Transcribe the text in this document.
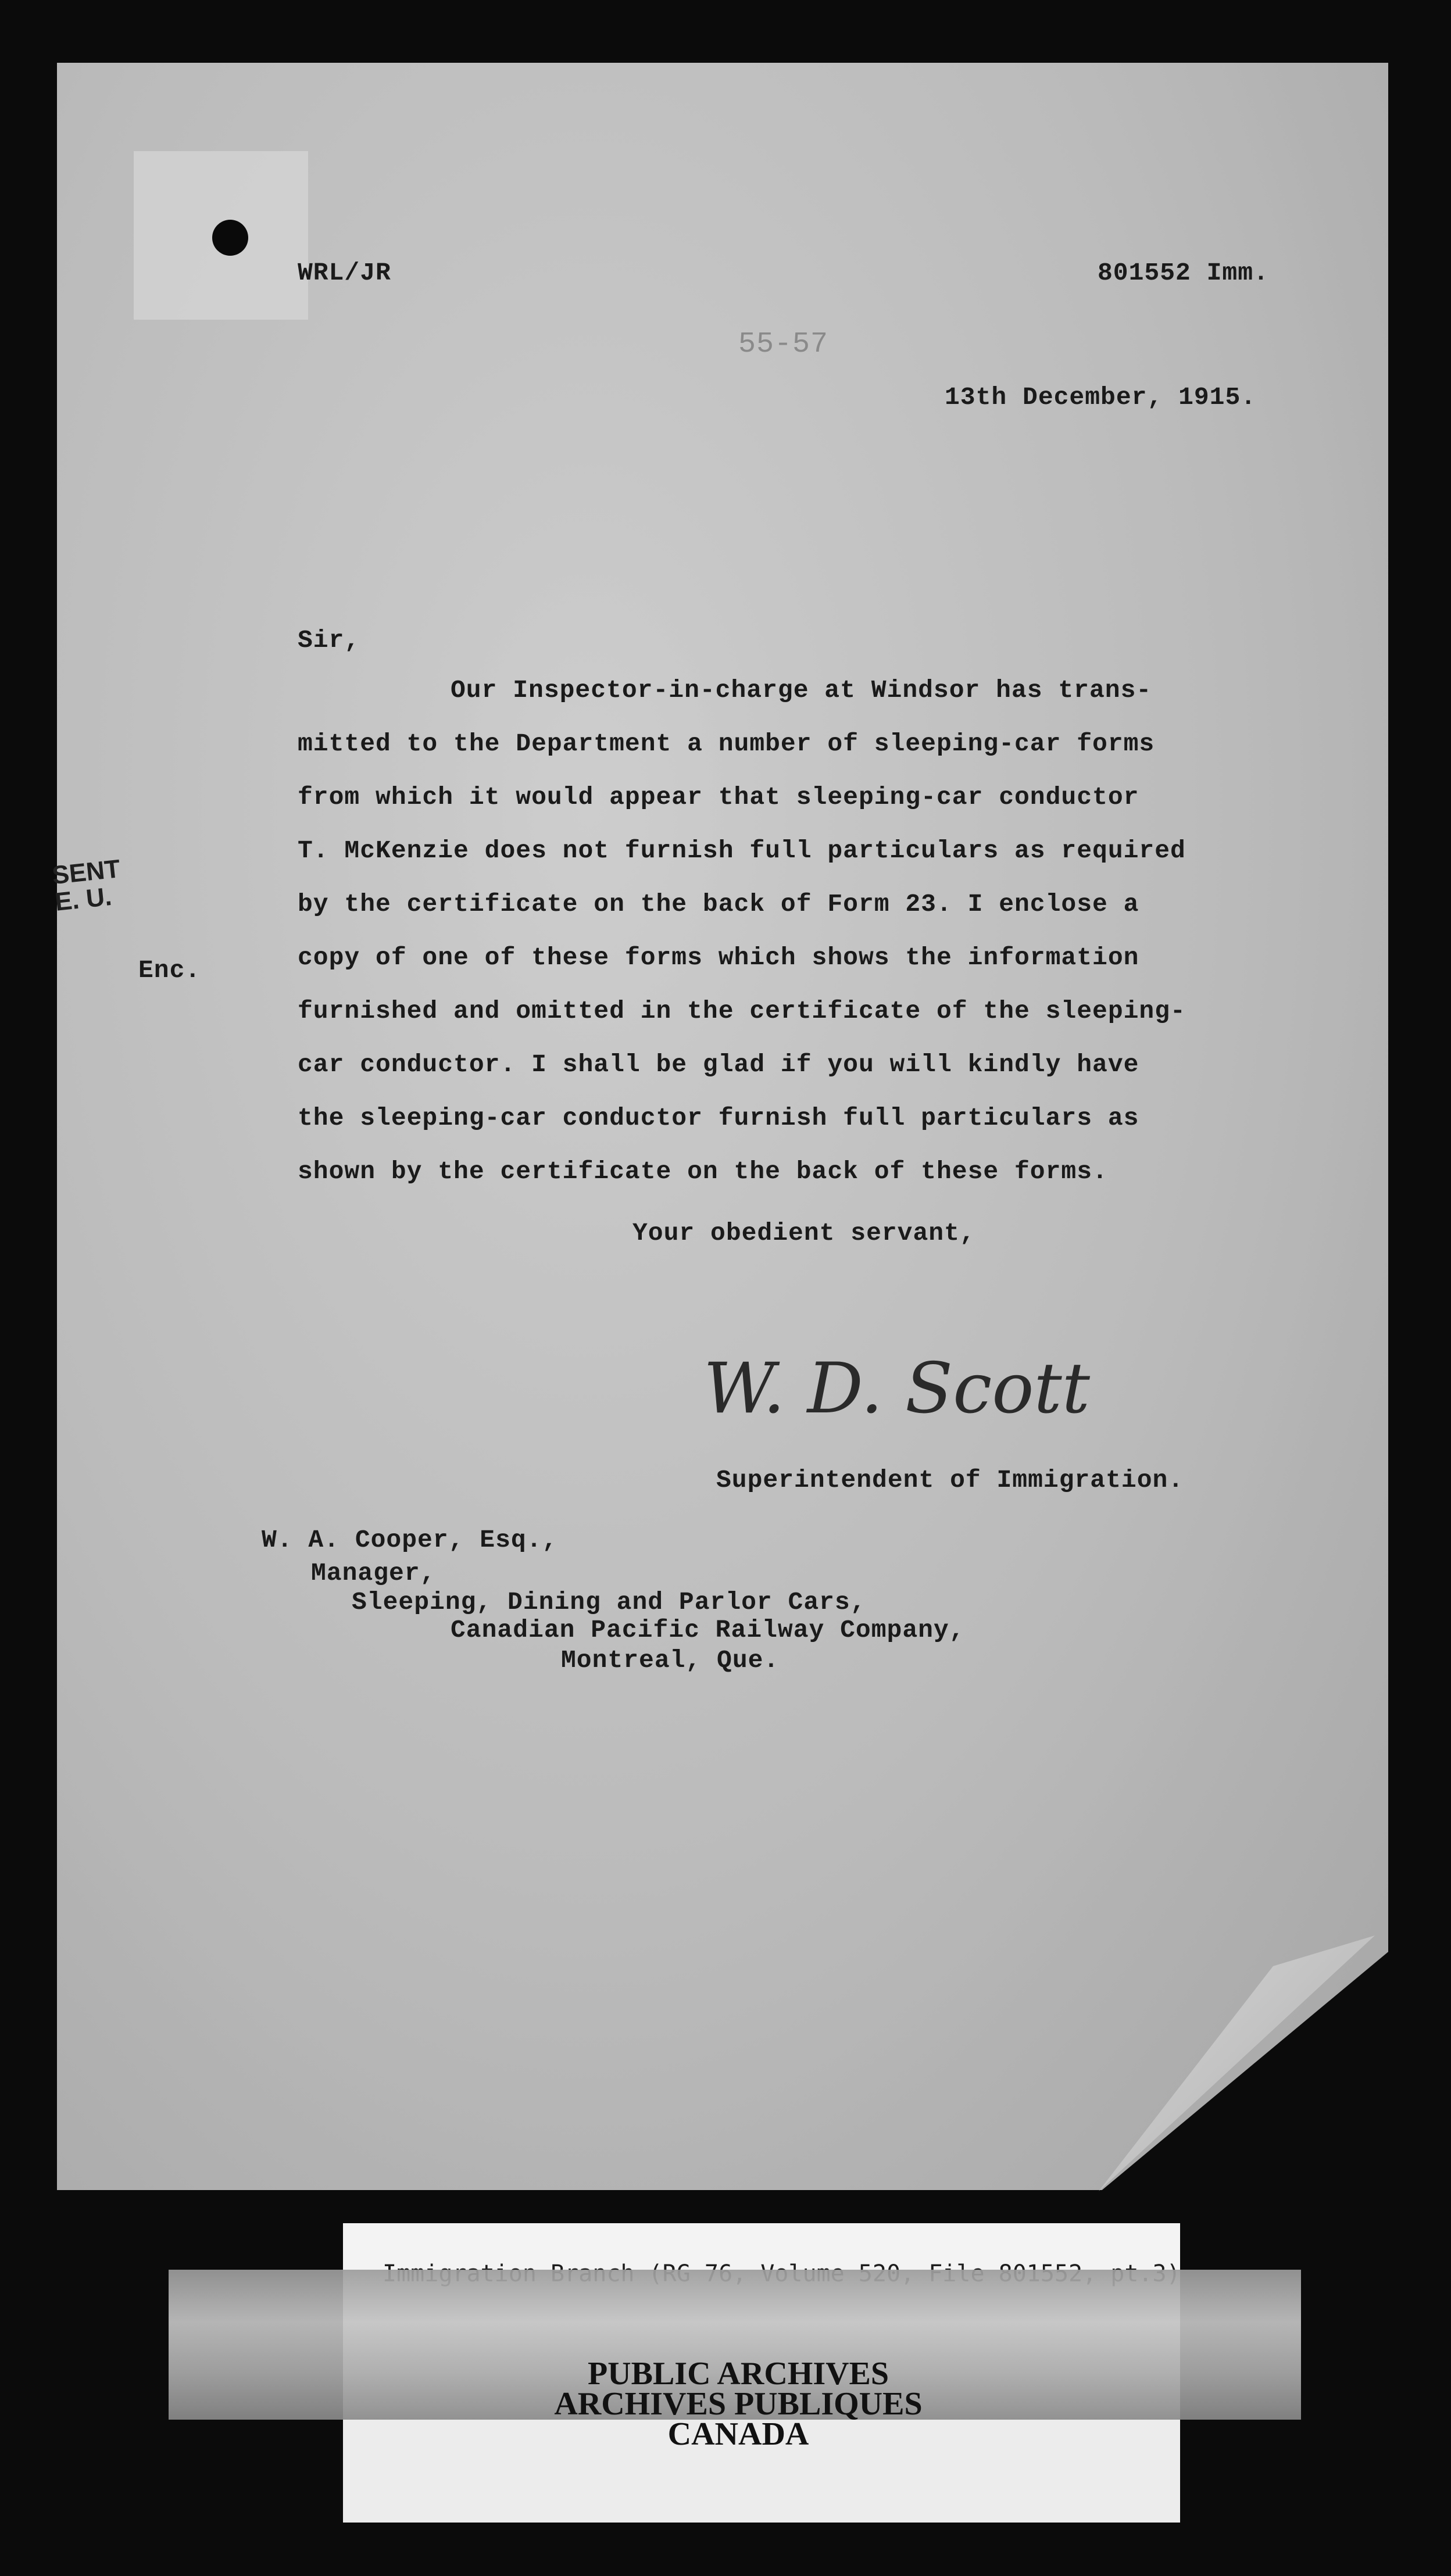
WRL/JR	801552 Imm.
55-57
13th December, 1915.
Sir,
Our Inspector-in-charge at Windsor has trans-
mitted to the Department a number of sleeping-car forms
from which it would appear that sleeping-car conductor
T. McKenzie does not furnish full particulars as required
by the certificate on the back of Form 23. I enclose a
copy of one of these forms which shows the information
furnished and omitted in the certificate of the sleeping-
car conductor. I shall be glad if you will kindly have
the sleeping-car conductor furnish full particulars as
shown by the certificate on the back of these forms.
Your obedient servant,
W. D. Scott
Superintendent of Immigration.
SENT
E. U.
Enc.
W. A. Cooper, Esq.,
Manager,
Sleeping, Dining and Parlor Cars,
Canadian Pacific Railway Company,
Montreal, Que.
PUBLIC ARCHIVES
ARCHIVES PUBLIQUES
CANADA
